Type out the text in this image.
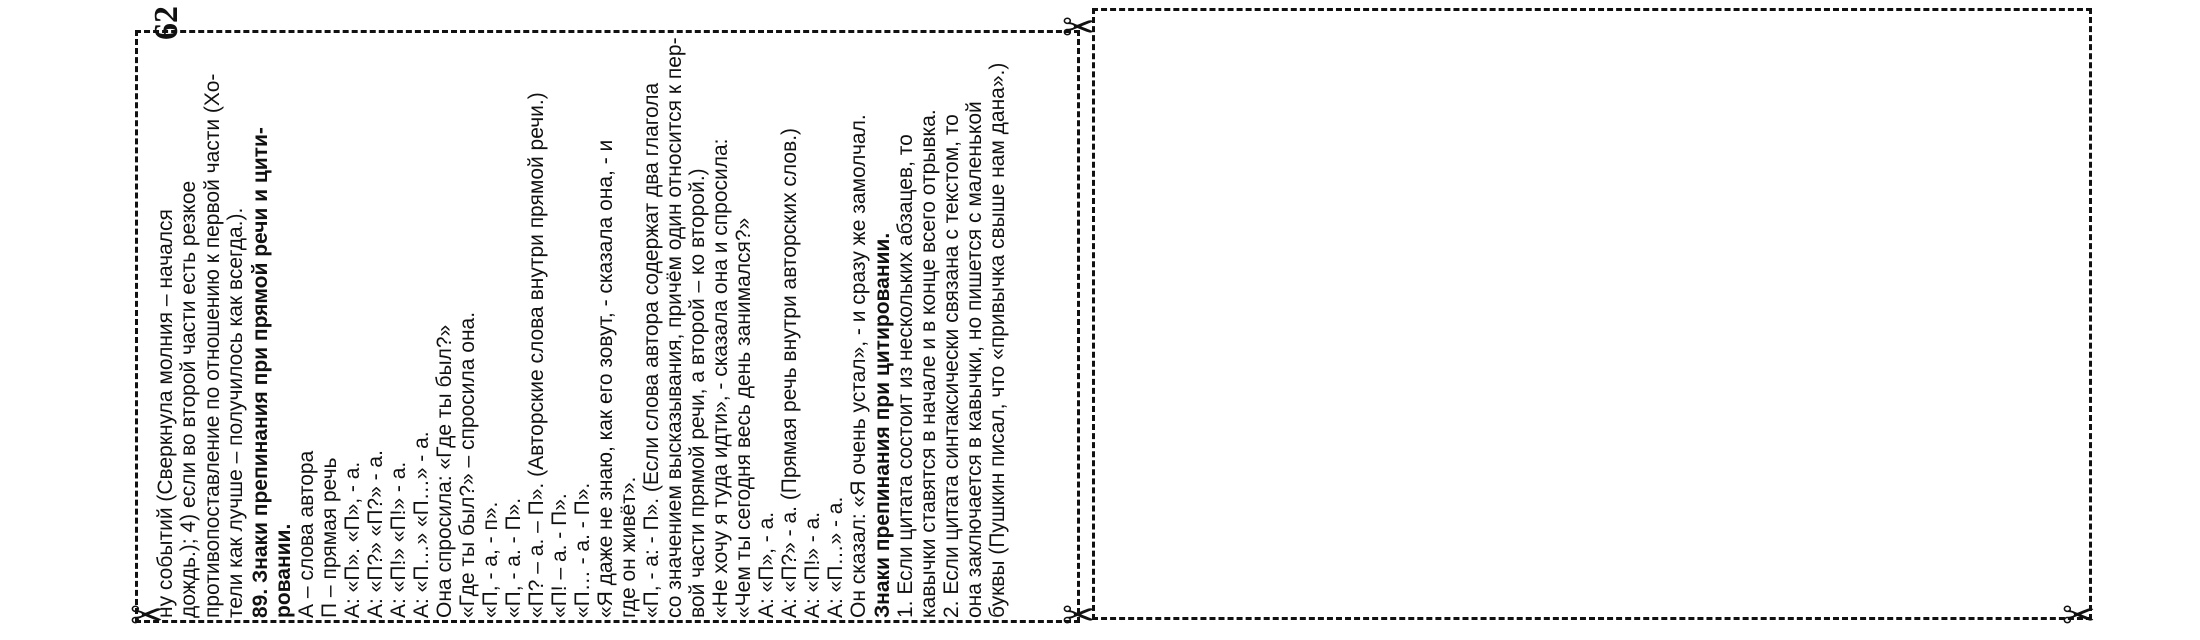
✂
✂
✂	✂
62
ну событий (Сверкнула молния – начался дождь.); 4) если во второй части есть резкое противопоставление по отношению к первой части (Хо- тели как лучше – получилось как всегда.). 89. Знаки препинания при прямой речи и цити- ровании. А – слова автора П – прямая речь А: «П». «П», - а. А: «П?» «П?» - а. А: «П!» «П!» - а. А: «П…» «П…» - а. Она спросила: «Где ты был?» «Где ты был?» – спросила она. «П, - а, - п». «П, - а. - П». «П? – а. – П». (Авторские слова внутри прямой речи.) «П! – а. - П». «П… - а. - П». «Я даже не знаю, как его зовут, - сказала она, - и где он живёт». «П, - а: - П». (Если слова автора содержат два глагола со значением высказывания, причём один относится к пер- вой части прямой речи, а второй – ко второй.) «Не хочу я туда идти», - сказала она и спросила: «Чем ты сегодня весь день занимался?» А: «П», - а. А: «П?» - а. (Прямая речь внутри авторских слов.) А: «П!» - а. А: «П…» - а. Он сказал: «Я очень устал», - и сразу же замолчал. Знаки препинания при цитировании. 1. Если цитата состоит из нескольких абзацев, то кавычки ставятся в начале и в конце всего отрывка. 2. Если цитата синтаксически связана с текстом, то она заключается в кавычки, но пишется с маленькой буквы (Пушкин писал, что «привычка свыше нам дана».)
